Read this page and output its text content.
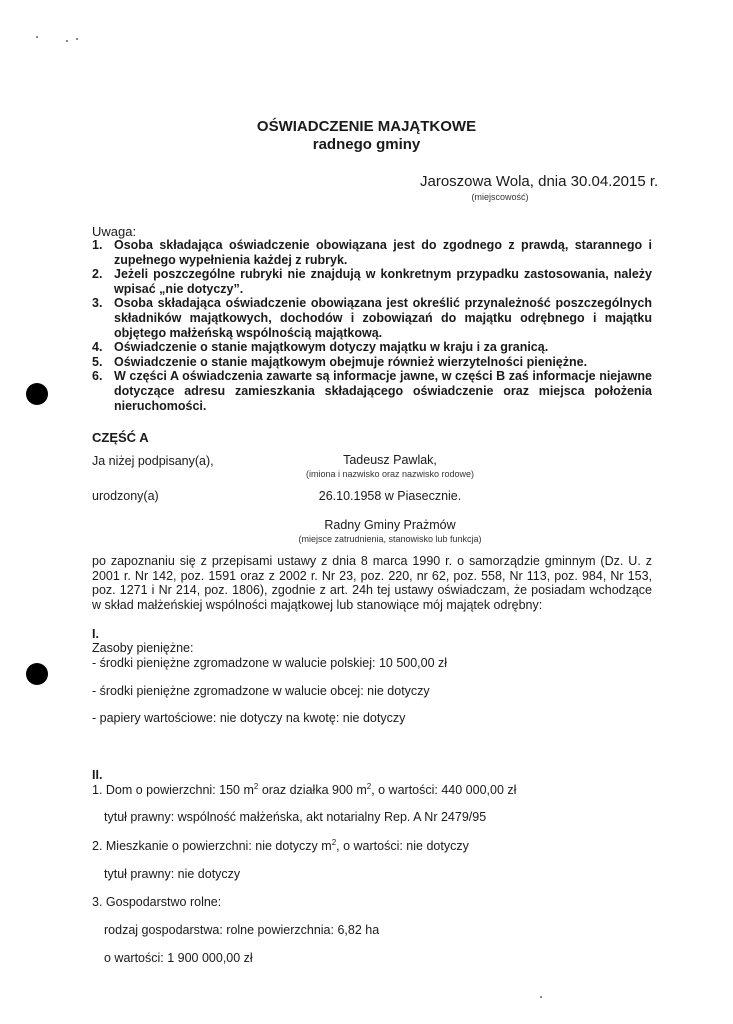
OŚWIADCZENIE MAJĄTKOWE
radnego gminy
Jaroszowa Wola, dnia 30.04.2015 r.
(miejscowość)
Uwaga:
1. Osoba składająca oświadczenie obowiązana jest do zgodnego z prawdą, starannego i zupełnego wypełnienia każdej z rubryk.
2. Jeżeli poszczególne rubryki nie znajdują w konkretnym przypadku zastosowania, należy wpisać „nie dotyczy”.
3. Osoba składająca oświadczenie obowiązana jest określić przynależność poszczególnych składników majątkowych, dochodów i zobowiązań do majątku odrębnego i majątku objętego małżeńską wspólnością majątkową.
4. Oświadczenie o stanie majątkowym dotyczy majątku w kraju i za granicą.
5. Oświadczenie o stanie majątkowym obejmuje również wierzytelności pieniężne.
6. W części A oświadczenia zawarte są informacje jawne, w części B zaś informacje niejawne dotyczące adresu zamieszkania składającego oświadczenie oraz miejsca położenia nieruchomości.
CZĘŚĆ A
Ja niżej podpisany(a),	Tadeusz Pawlak,
(imiona i nazwisko oraz nazwisko rodowe)
urodzony(a)	26.10.1958 w Piasecznie.
Radny Gminy Prażmów
(miejsce zatrudnienia, stanowisko lub funkcja)
po zapoznaniu się z przepisami ustawy z dnia 8 marca 1990 r. o samorządzie gminnym (Dz. U. z 2001 r. Nr 142, poz. 1591 oraz z 2002 r. Nr 23, poz. 220, nr 62, poz. 558, Nr 113, poz. 984, Nr 153, poz. 1271 i Nr 214, poz. 1806), zgodnie z art. 24h tej ustawy oświadczam, że posiadam wchodzące w skład małżeńskiej wspólności majątkowej lub stanowiące mój majątek odrębny:
I.
Zasoby pieniężne:
- środki pieniężne zgromadzone w walucie polskiej: 10 500,00 zł
- środki pieniężne zgromadzone w walucie obcej: nie dotyczy
- papiery wartościowe: nie dotyczy na kwotę: nie dotyczy
II.
1. Dom o powierzchni: 150 $m^2$ oraz działka 900 $m^2$, o wartości: 440 000,00 zł
tytuł prawny: wspólność małżeńska, akt notarialny Rep. A Nr 2479/95
2. Mieszkanie o powierzchni: nie dotyczy $m^2$, o wartości: nie dotyczy
tytuł prawny: nie dotyczy
3. Gospodarstwo rolne:
rodzaj gospodarstwa: rolne powierzchnia: 6,82 ha
o wartości: 1 900 000,00 zł
